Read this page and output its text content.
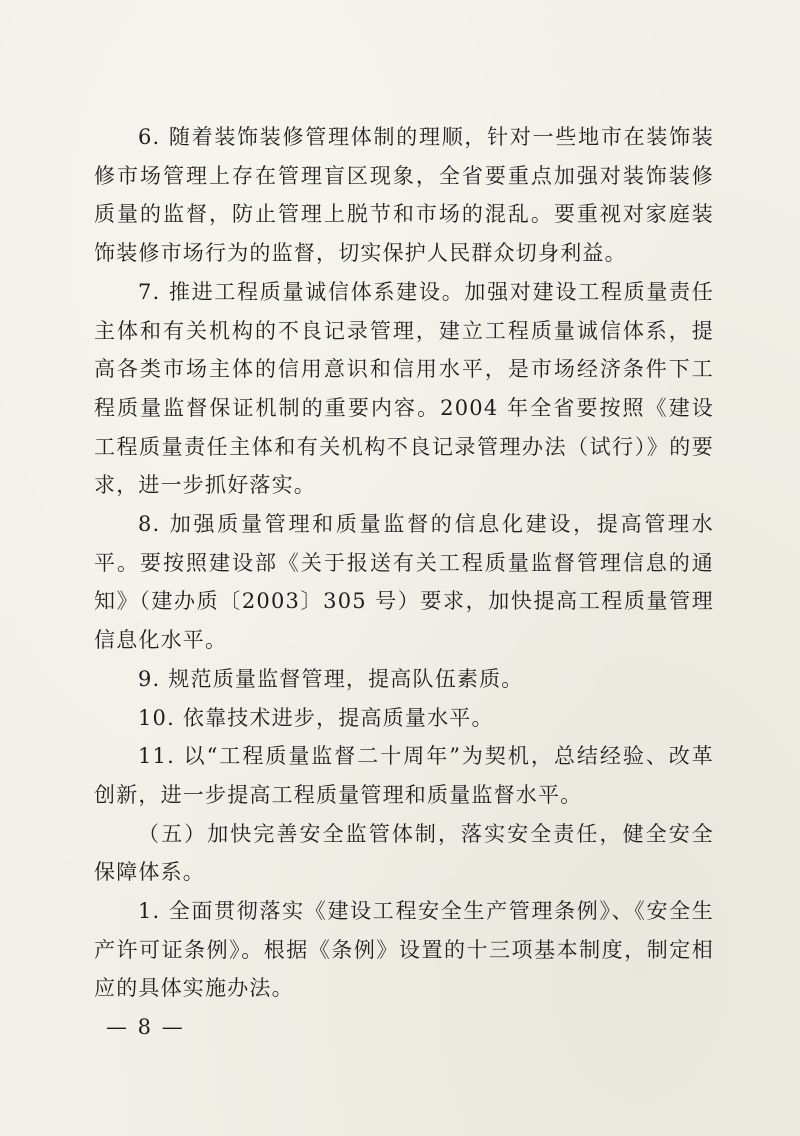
6. 随着装饰装修管理体制的理顺，针对一些地市在装饰装修市场管理上存在管理盲区现象，全省要重点加强对装饰装修质量的监督，防止管理上脱节和市场的混乱。要重视对家庭装饰装修市场行为的监督，切实保护人民群众切身利益。

7. 推进工程质量诚信体系建设。加强对建设工程质量责任主体和有关机构的不良记录管理，建立工程质量诚信体系，提高各类市场主体的信用意识和信用水平，是市场经济条件下工程质量监督保证机制的重要内容。2004 年全省要按照《建设工程质量责任主体和有关机构不良记录管理办法（试行）》的要求，进一步抓好落实。

8. 加强质量管理和质量监督的信息化建设，提高管理水平。要按照建设部《关于报送有关工程质量监督管理信息的通知》（建办质〔2003〕305 号）要求，加快提高工程质量管理信息化水平。

9. 规范质量监督管理，提高队伍素质。

10. 依靠技术进步，提高质量水平。

11. 以“工程质量监督二十周年”为契机，总结经验、改革创新，进一步提高工程质量管理和质量监督水平。

（五）加快完善安全监管体制，落实安全责任，健全安全保障体系。

1. 全面贯彻落实《建设工程安全生产管理条例》、《安全生产许可证条例》。根据《条例》设置的十三项基本制度，制定相应的具体实施办法。

— 8 —
